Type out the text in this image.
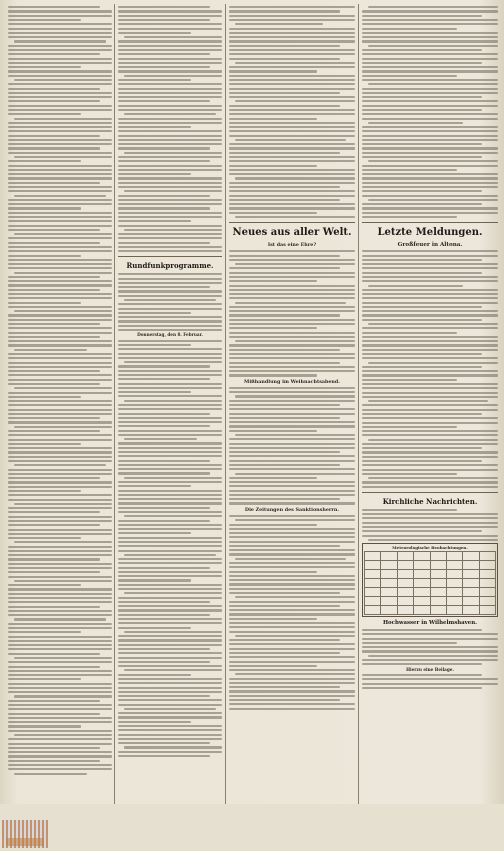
Rundfunkprogramme.
Donnerstag, den 8. Februar.
Neues aus aller Welt.
Ist das eine Ehre?
Mißhandlung im Weihnachtsabend.
Die Zeitungen des Sanktionsherrn.
Letzte Meldungen.
Großfeuer in Altona.
Kirchliche Nachrichten.
Meteorologische Beobachtungen.

Hochwasser in Wilhelmshaven.
Hierzu eine Beilage.
